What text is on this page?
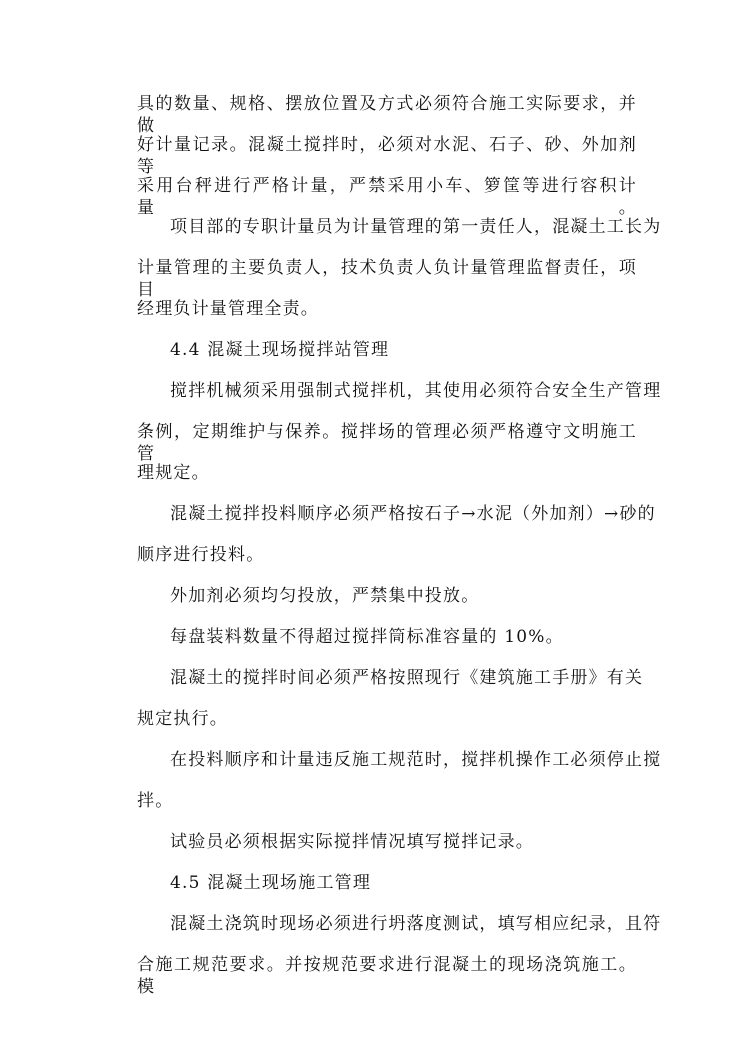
具的数量、规格、摆放位置及方式必须符合施工实际要求，并做
好计量记录。混凝土搅拌时，必须对水泥、石子、砂、外加剂等
采用台秤进行严格计量，严禁采用小车、箩筐等进行容积计量。
项目部的专职计量员为计量管理的第一责任人，混凝土工长为
计量管理的主要负责人，技术负责人负计量管理监督责任，项目
经理负计量管理全责。
4.4 混凝土现场搅拌站管理
搅拌机械须采用强制式搅拌机，其使用必须符合安全生产管理
条例，定期维护与保养。搅拌场的管理必须严格遵守文明施工管
理规定。
混凝土搅拌投料顺序必须严格按石子→水泥（外加剂）→砂的
顺序进行投料。
外加剂必须均匀投放，严禁集中投放。
每盘装料数量不得超过搅拌筒标准容量的 10%。
混凝土的搅拌时间必须严格按照现行《建筑施工手册》有关
规定执行。
在投料顺序和计量违反施工规范时，搅拌机操作工必须停止搅
拌。
试验员必须根据实际搅拌情况填写搅拌记录。
4.5 混凝土现场施工管理
混凝土浇筑时现场必须进行坍落度测试，填写相应纪录，且符
合施工规范要求。并按规范要求进行混凝土的现场浇筑施工。模
